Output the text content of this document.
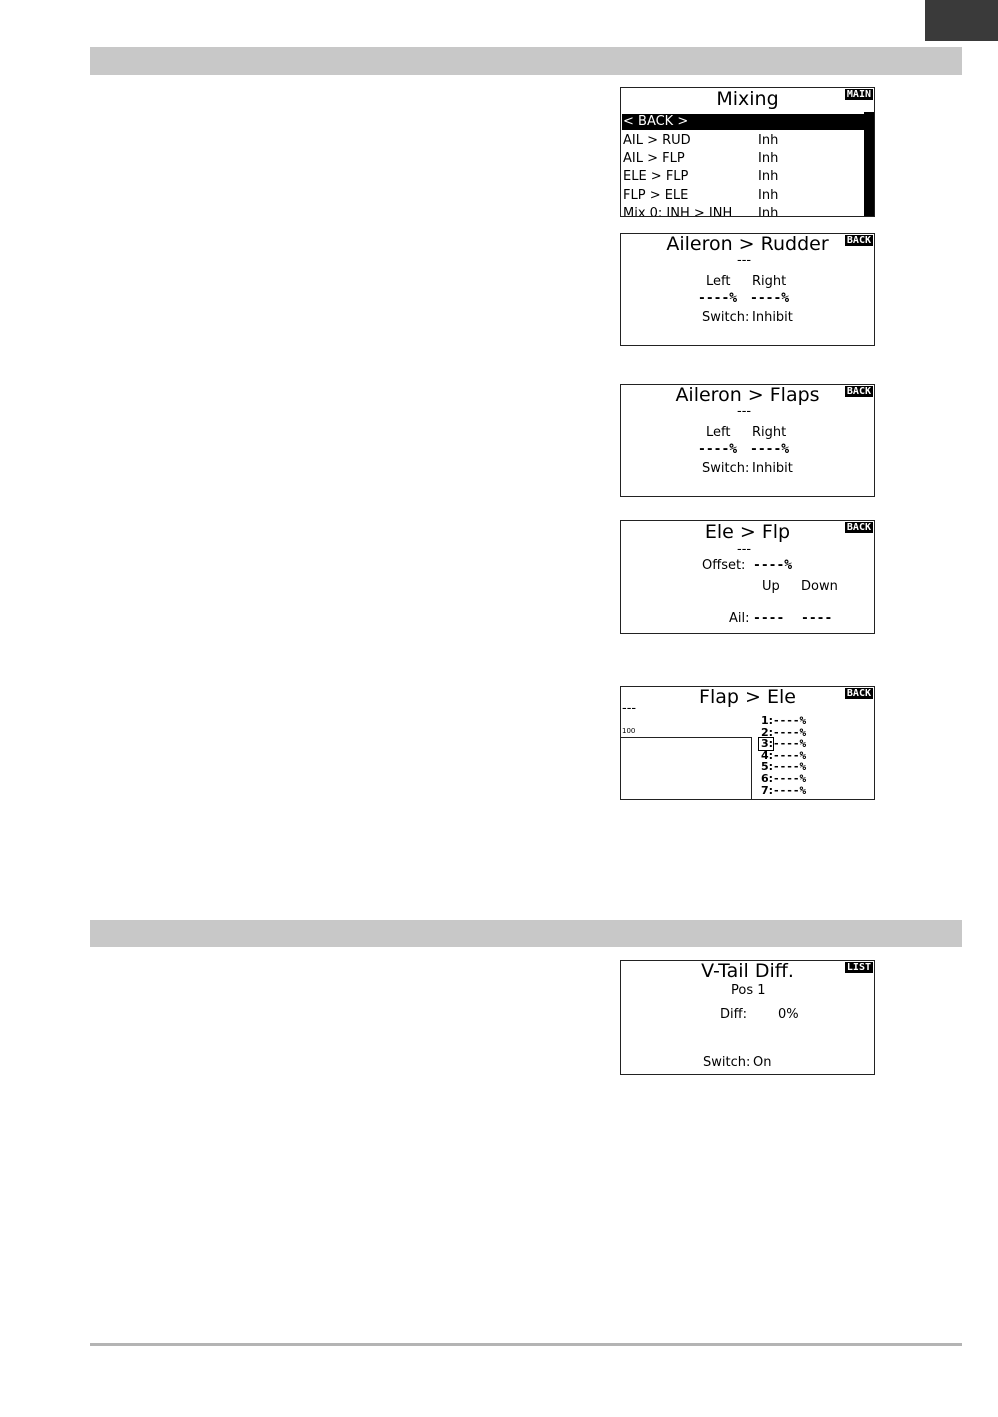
Mixing	MAIN
< BACK >
AIL > RUD	Inh
AIL > FLP	Inh
ELE > FLP	Inh
FLP > ELE	Inh
Mix 0: INH > INH Inh
Aileron > Rudder	BACK
---
Left Right
----% ----%
Switch: Inhibit
Aileron > Flaps	BACK
---
Left Right
----% ----%
Switch: Inhibit
Ele > Flp	BACK
---
Offset: ----%
Up Down
Ail: ---- ----
Flap > Ele	BACK
---
100
1:----%
2:----%
3:----%
4:----%
5:----%
6:----%
7:----%
V-Tail Diff.	LIST
Pos 1
Diff: 0%
Switch: On
